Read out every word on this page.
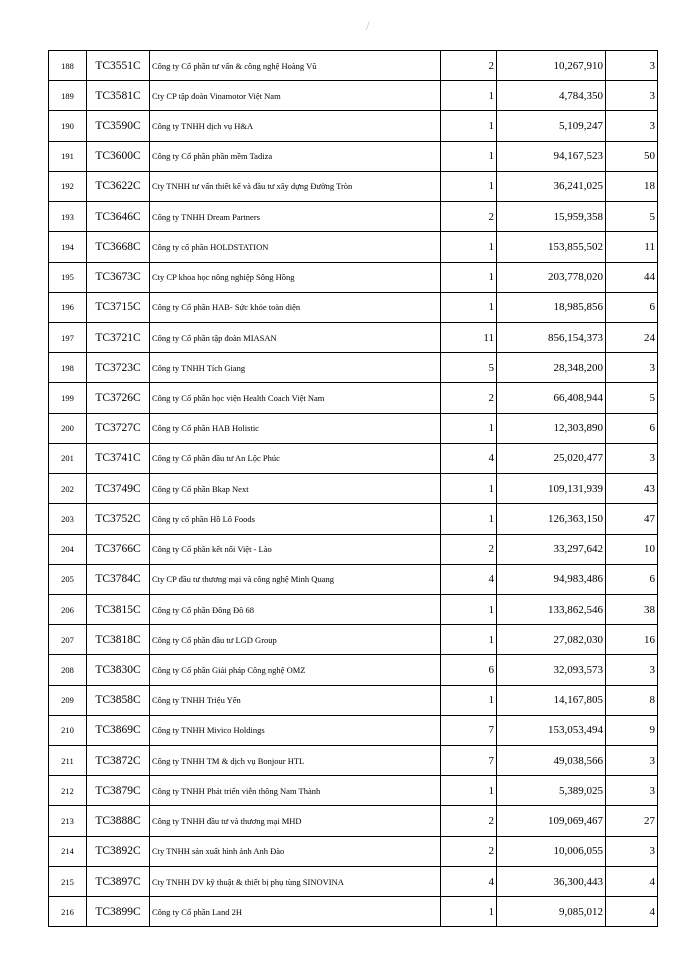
/
188	TC3551C	Công ty Cổ phần tư vấn & công nghệ Hoàng Vũ	2	10,267,910	3
189	TC3581C	Cty CP tập đoàn Vinamotor Việt Nam	1	4,784,350	3
190	TC3590C	Công ty TNHH dịch vụ H&A	1	5,109,247	3
191	TC3600C	Công ty Cổ phần phần mềm Tadiza	1	94,167,523	50
192	TC3622C	Cty TNHH tư vấn thiết kế và đầu tư xây dựng Đường Tròn	1	36,241,025	18
193	TC3646C	Công ty TNHH Dream Partners	2	15,959,358	5
194	TC3668C	Công ty cổ phần HOLDSTATION	1	153,855,502	11
195	TC3673C	Cty CP khoa học nông nghiệp Sông Hồng	1	203,778,020	44
196	TC3715C	Công ty Cổ phần HAB- Sức khỏe toàn diện	1	18,985,856	6
197	TC3721C	Công ty Cổ phần tập đoàn MIASAN	11	856,154,373	24
198	TC3723C	Công ty TNHH Tích Giang	5	28,348,200	3
199	TC3726C	Công ty Cổ phần học viện Health Coach Việt Nam	2	66,408,944	5
200	TC3727C	Công ty Cổ phần HAB Holistic	1	12,303,890	6
201	TC3741C	Công ty Cổ phần đầu tư An Lộc Phúc	4	25,020,477	3
202	TC3749C	Công ty Cổ phần Bkap Next	1	109,131,939	43
203	TC3752C	Công ty cổ phần Hồ Lô Foods	1	126,363,150	47
204	TC3766C	Công ty Cổ phần kết nối Việt - Lào	2	33,297,642	10
205	TC3784C	Cty CP đầu tư thương mại và công nghệ Minh Quang	4	94,983,486	6
206	TC3815C	Công ty Cổ phần Đông Đô 68	1	133,862,546	38
207	TC3818C	Công ty Cổ phần đầu tư LGD Group	1	27,082,030	16
208	TC3830C	Công ty Cổ phần Giải pháp Công nghệ OMZ	6	32,093,573	3
209	TC3858C	Công ty TNHH Triệu Yến	1	14,167,805	8
210	TC3869C	Công ty TNHH Mivico Holdings	7	153,053,494	9
211	TC3872C	Công ty TNHH TM & dịch vụ Bonjour HTL	7	49,038,566	3
212	TC3879C	Công ty TNHH Phát triển viễn thông Nam Thành	1	5,389,025	3
213	TC3888C	Công ty TNHH đầu tư và thương mại MHD	2	109,069,467	27
214	TC3892C	Cty TNHH sản xuất hình ảnh Anh Đào	2	10,006,055	3
215	TC3897C	Cty TNHH DV kỹ thuật & thiết bị phụ tùng SINOVINA	4	36,300,443	4
216	TC3899C	Công ty Cổ phần Land 2H	1	9,085,012	4
